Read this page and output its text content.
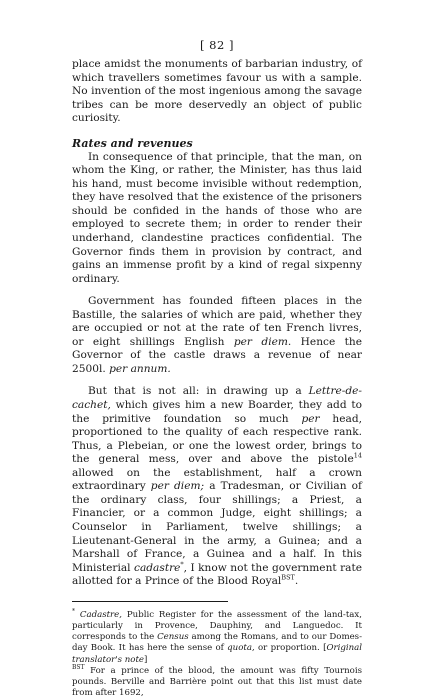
[ 82 ]

place amidst the monuments of barbarian industry, of which travellers sometimes favour us with a sample. No invention of the most ingenious among the savage tribes can be more deservedly an object of public curiosity.

Rates and revenues

In consequence of that principle, that the man, on whom the King, or rather, the Minister, has thus laid his hand, must become invisible without redemption, they have resolved that the existence of the prisoners should be confided in the hands of those who are employed to secrete them; in order to render their underhand, clandestine practices confidential. The Governor finds them in provision by contract, and gains an immense profit by a kind of regal sixpenny ordinary.

Government has founded fifteen places in the Bastille, the salaries of which are paid, whether they are occupied or not at the rate of ten French livres, or eight shillings English per diem. Hence the Governor of the castle draws a revenue of near 2500l. per annum.

But that is not all: in drawing up a Lettre-de-cachet, which gives him a new Boarder, they add to the primitive foundation so much per head, proportioned to the quality of each respective rank. Thus, a Plebeian, or one the lowest order, brings to the general mess, over and above the pistole$^{14}$ allowed on the establishment, half a crown extraordinary per diem; a Tradesman, or Civilian of the ordinary class, four shillings; a Priest, a Financier, or a common Judge, eight shillings; a Counselor in Parliament, twelve shillings; a Lieutenant-General in the army, a Guinea; and a Marshall of France, a Guinea and a half. In this Ministerial cadastre*, I know not the government rate allotted for a Prince of the Blood Royal$^{BST}$.

* Cadastre, Public Register for the assessment of the land-tax, particularly in Provence, Dauphiny, and Languedoc. It corresponds to the Census among the Romans, and to our Domes-day Book. It has here the sense of quota, or proportion. [Original translator's note]

$^{BST}$ For a prince of the blood, the amount was fifty Tournois pounds. Berville and Barrière point out that this list must date from after 1692,
